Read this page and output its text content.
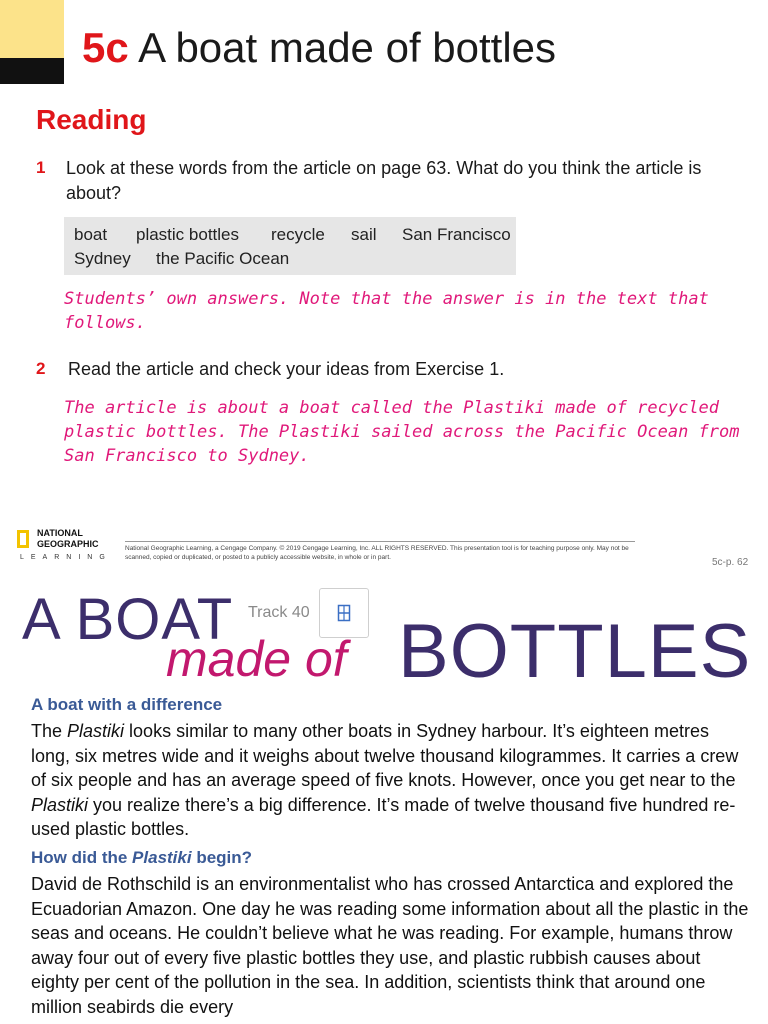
5c A boat made of bottles
Reading
1 Look at these words from the article on page 63. What do you think the article is about?
boat plastic bottles recycle sail San Francisco
Sydney the Pacific Ocean
Students’ own answers. Note that the answer is in the text that follows.
2 Read the article and check your ideas from Exercise 1.
The article is about a boat called the Plastiki made of recycled plastic bottles. The Plastiki sailed across the Pacific Ocean from San Francisco to Sydney.
NATIONAL
GEOGRAPHIC
LEARNING
National Geographic Learning, a Cengage Company. © 2019 Cengage Learning, Inc. ALL RIGHTS RESERVED. This presentation tool is for teaching purpose only. May not be scanned, copied or duplicated, or posted to a publicly accessible website, in whole or in part.	5c-p. 62
A BOAT Track 40
made of BOTTLES
A boat with a difference
The Plastiki looks similar to many other boats in Sydney harbour. It’s eighteen metres long, six metres wide and it weighs about twelve thousand kilogrammes. It carries a crew of six people and has an average speed of five knots. However, once you get near to the Plastiki you realize there’s a big difference. It’s made of twelve thousand five hundred re-used plastic bottles.
How did the Plastiki begin?
David de Rothschild is an environmentalist who has crossed Antarctica and explored the Ecuadorian Amazon. One day he was reading some information about all the plastic in the seas and oceans. He couldn’t believe what he was reading. For example, humans throw away four out of every five plastic bottles they use, and plastic rubbish causes about eighty per cent of the pollution in the sea. In addition, scientists think that around one million seabirds die every
